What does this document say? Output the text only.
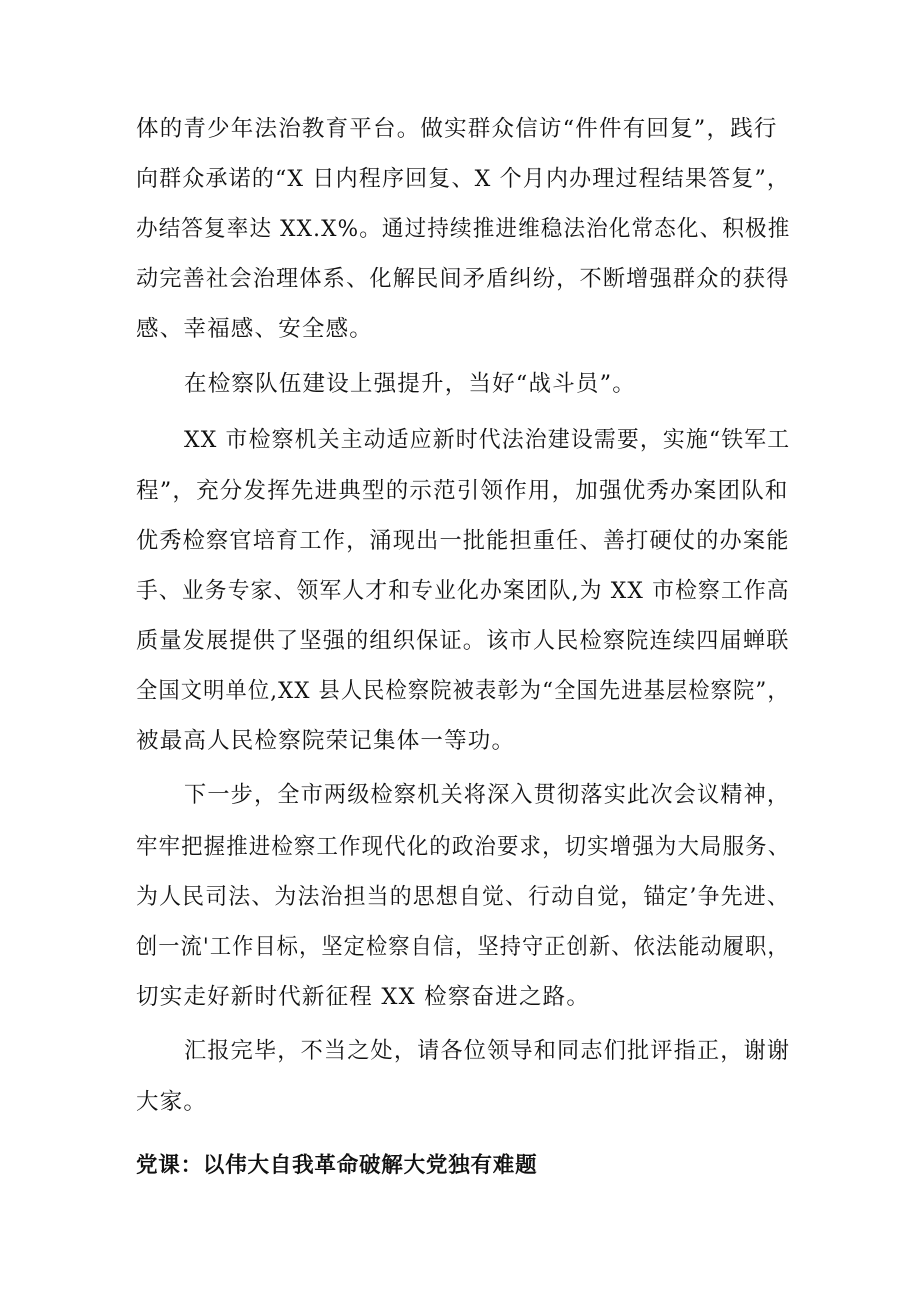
体的青少年法治教育平台。做实群众信访“件件有回复”，践行
向群众承诺的“X 日内程序回复、X 个月内办理过程结果答复”，
办结答复率达 XX.X%。通过持续推进维稳法治化常态化、积极推
动完善社会治理体系、化解民间矛盾纠纷，不断增强群众的获得
感、幸福感、安全感。
在检察队伍建设上强提升，当好“战斗员”。
XX 市检察机关主动适应新时代法治建设需要，实施“铁军工
程”，充分发挥先进典型的示范引领作用，加强优秀办案团队和
优秀检察官培育工作，涌现出一批能担重任、善打硬仗的办案能
手、业务专家、领军人才和专业化办案团队,为 XX 市检察工作高
质量发展提供了坚强的组织保证。该市人民检察院连续四届蝉联
全国文明单位,XX 县人民检察院被表彰为“全国先进基层检察院”，
被最高人民检察院荣记集体一等功。
下一步，全市两级检察机关将深入贯彻落实此次会议精神，
牢牢把握推进检察工作现代化的政治要求，切实增强为大局服务、
为人民司法、为法治担当的思想自觉、行动自觉，锚定’争先进、
创一流'工作目标，坚定检察自信，坚持守正创新、依法能动履职，
切实走好新时代新征程 XX 检察奋进之路。
汇报完毕，不当之处，请各位领导和同志们批评指正，谢谢
大家。
党课：以伟大自我革命破解大党独有难题
